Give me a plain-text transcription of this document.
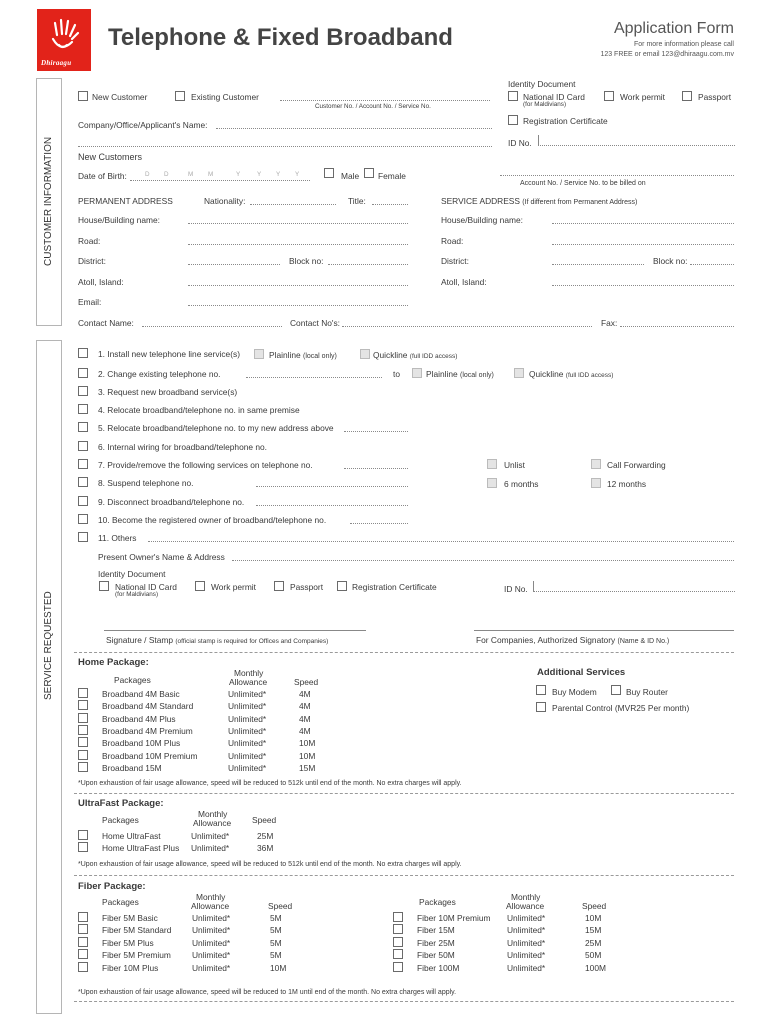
Dhiraagu
Telephone & Fixed Broadband	Application Form
For more information please call
123 FREE or email 123@dhiraagu.com.mv
CUSTOMER INFORMATION
New Customer	Existing Customer
Customer No. / Account No. / Service No.
Identity Document
National ID Card
(for Maldivians)
Work permit	Passport
Registration Certificate
ID No.
Company/Office/Applicant's Name:
New Customers
Date of Birth:	D D	M M	Y	Y Y Y	Male Female
Account No. / Service No. to be billed on
PERMANENT ADDRESS	Nationality:	Title:	SERVICE ADDRESS (If different from Permanent Address)
House/Building name:	House/Building name:
Road:	Road:
District:	Block no:	District:	Block no:
Atoll, Island:	Atoll, Island:
Email:
Contact Name:	Contact No's:	Fax:
SERVICE REQUESTED
1. Install new telephone line service(s)	Plainline (local only)	Quickline (full IDD access)
2. Change existing telephone no.	to	Plainline (local only)	Quickline (full IDD access)
3. Request new broadband service(s)
4. Relocate broadband/telephone no. in same premise
5. Relocate broadband/telephone no. to my new address above
6. Internal wiring for broadband/telephone no.
7. Provide/remove the following services on telephone no.	Unlist	Call Forwarding
8. Suspend telephone no.	6 months	12 months
9. Disconnect broadband/telephone no.
10. Become the registered owner of broadband/telephone no.
11. Others
Present Owner's Name & Address
Identity Document
National ID Card
(for Maldivians)
Work permit	Passport	Registration Certificate	ID No.
Signature / Stamp (official stamp is required for Offices and Companies)	For Companies, Authorized Signatory (Name & ID No.)
Home Package:
Packages
Monthly
Allowance	Speed
Broadband 4M Basic	Unlimited*	4M
Broadband 4M Standard	Unlimited*	4M
Broadband 4M Plus	Unlimited*	4M
Broadband 4M Premium	Unlimited*	4M
Broadband 10M Plus	Unlimited*	10M
Broadband 10M Premium	Unlimited*	10M
Broadband 15M	Unlimited*	15M
*Upon exhaustion of fair usage allowance, speed will be reduced to 512k until end of the month. No extra charges will apply.
Additional Services
Buy Modem	Buy Router
Parental Control (MVR25 Per month)
UltraFast Package:
Packages
Monthly
Allowance Speed
Home UltraFast	Unlimited*	25M
Home UltraFast Plus Unlimited*	36M
*Upon exhaustion of fair usage allowance, speed will be reduced to 512k until end of the month. No extra charges will apply.
Fiber Package:
Packages	Monthly
Allowance	Speed	Packages	Monthly
Allowance	Speed
Fiber 5M Basic	Unlimited*	5M
Fiber 5M Standard Unlimited*	5M
Fiber 5M Plus	Unlimited*	5M
Fiber 5M Premium	Unlimited*	5M
Fiber 10M Plus	Unlimited*	10M
Fiber 10M Premium Unlimited*	10M
Fiber 15M	Unlimited*	15M
Fiber 25M	Unlimited*	25M
Fiber 50M	Unlimited*	50M
Fiber 100M	Unlimited*	100M
*Upon exhaustion of fair usage allowance, speed will be reduced to 1M until end of the month. No extra charges will apply.
